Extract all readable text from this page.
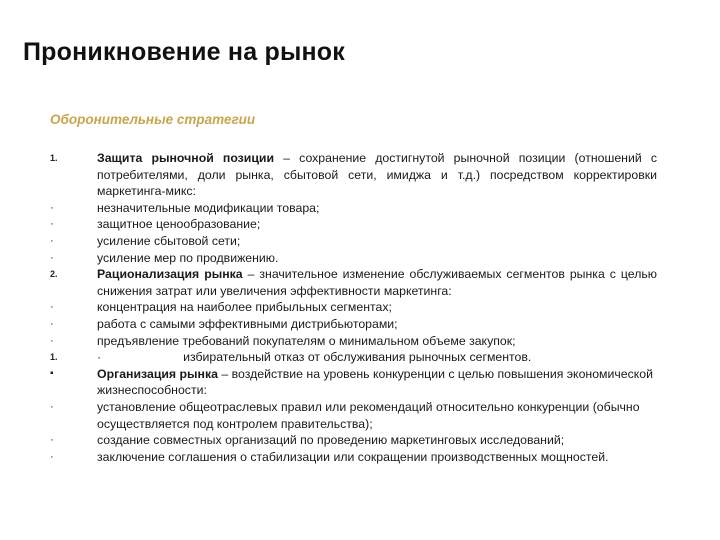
Проникновение на рынок
Оборонительные стратегии
1.	Защита рыночной позиции – сохранение достигнутой рыночной позиции (отношений с потребителями, доли рынка, сбытовой сети, имиджа и т.д.) посредством корректировки маркетинга-микс:
·	незначительные модификации товара;
·	защитное ценообразование;
·	усиление сбытовой сети;
·	усиление мер по продвижению.
2.	Рационализация рынка – значительное изменение обслуживаемых сегментов рынка с целью снижения затрат или увеличения эффективности маркетинга:
·	концентрация на наиболее прибыльных сегментах;
·	работа с самыми эффективными дистрибьюторами;
·	предъявление требований покупателям о минимальном объеме закупок;
1.	·	избирательный отказ от обслуживания рыночных сегментов.
▪	Организация рынка – воздействие на уровень конкуренции с целью повышения экономической жизнеспособности:
·	установление общеотраслевых правил или рекомендаций относительно конкуренции (обычно осуществляется под контролем правительства);
·	создание совместных организаций по проведению маркетинговых исследований;
·	заключение соглашения о стабилизации или сокращении производственных мощностей.
